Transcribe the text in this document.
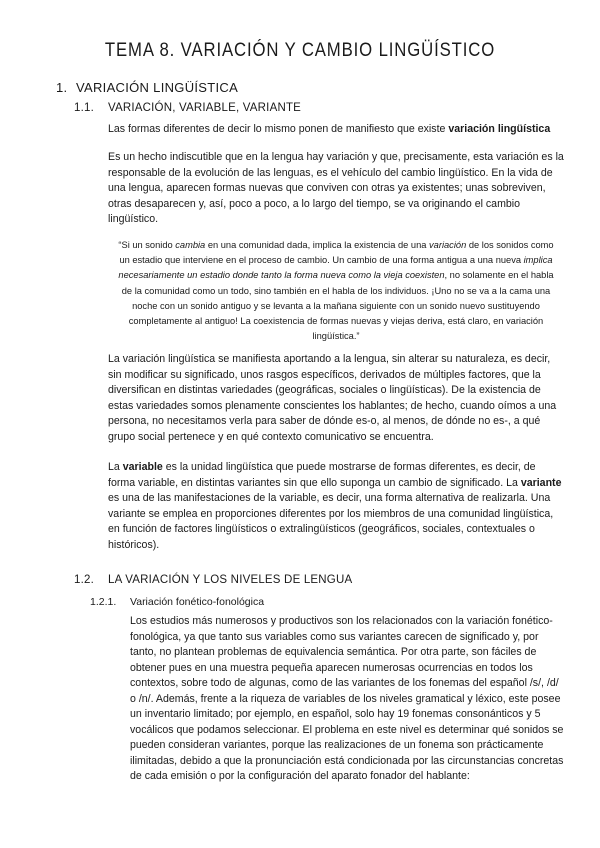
TEMA 8. VARIACIÓN Y CAMBIO LINGÜÍSTICO
1. VARIACIÓN LINGÜÍSTICA
1.1. VARIACIÓN, VARIABLE, VARIANTE
Las formas diferentes de decir lo mismo ponen de manifiesto que existe variación lingüística
Es un hecho indiscutible que en la lengua hay variación y que, precisamente, esta variación es la responsable de la evolución de las lenguas, es el vehículo del cambio lingüístico. En la vida de una lengua, aparecen formas nuevas que conviven con otras ya existentes; unas sobreviven, otras desaparecen y, así, poco a poco, a lo largo del tiempo, se va originando el cambio lingüístico.
“Si un sonido cambia en una comunidad dada, implica la existencia de una variación de los sonidos como un estadio que interviene en el proceso de cambio. Un cambio de una forma antigua a una nueva implica necesariamente un estadio donde tanto la forma nueva como la vieja coexisten, no solamente en el habla de la comunidad como un todo, sino también en el habla de los individuos. ¡Uno no se va a la cama una noche con un sonido antiguo y se levanta a la mañana siguiente con un sonido nuevo sustituyendo completamente al antiguo! La coexistencia de formas nuevas y viejas deriva, está claro, en variación lingüística.”
La variación lingüística se manifiesta aportando a la lengua, sin alterar su naturaleza, es decir, sin modificar su significado, unos rasgos específicos, derivados de múltiples factores, que la diversifican en distintas variedades (geográficas, sociales o lingüísticas). De la existencia de estas variedades somos plenamente conscientes los hablantes; de hecho, cuando oímos a una persona, no necesitamos verla para saber de dónde es-o, al menos, de dónde no es-, a qué grupo social pertenece y en qué contexto comunicativo se encuentra.
La variable es la unidad lingüística que puede mostrarse de formas diferentes, es decir, de forma variable, en distintas variantes sin que ello suponga un cambio de significado. La variante es una de las manifestaciones de la variable, es decir, una forma alternativa de realizarla. Una variante se emplea en proporciones diferentes por los miembros de una comunidad lingüística, en función de factores lingüísticos o extralingüísticos (geográficos, sociales, contextuales o históricos).
1.2. LA VARIACIÓN Y LOS NIVELES DE LENGUA
1.2.1. Variación fonético-fonológica
Los estudios más numerosos y productivos son los relacionados con la variación fonético-fonológica, ya que tanto sus variables como sus variantes carecen de significado y, por tanto, no plantean problemas de equivalencia semántica. Por otra parte, son fáciles de obtener pues en una muestra pequeña aparecen numerosas ocurrencias en todos los contextos, sobre todo de algunas, como de las variantes de los fonemas del español /s/, /d/ o /n/. Además, frente a la riqueza de variables de los niveles gramatical y léxico, este posee un inventario limitado; por ejemplo, en español, solo hay 19 fonemas consonánticos y 5 vocálicos que podamos seleccionar. El problema en este nivel es determinar qué sonidos se pueden consideran variantes, porque las realizaciones de un fonema son prácticamente ilimitadas, debido a que la pronunciación está condicionada por las circunstancias concretas de cada emisión o por la configuración del aparato fonador del hablante:
